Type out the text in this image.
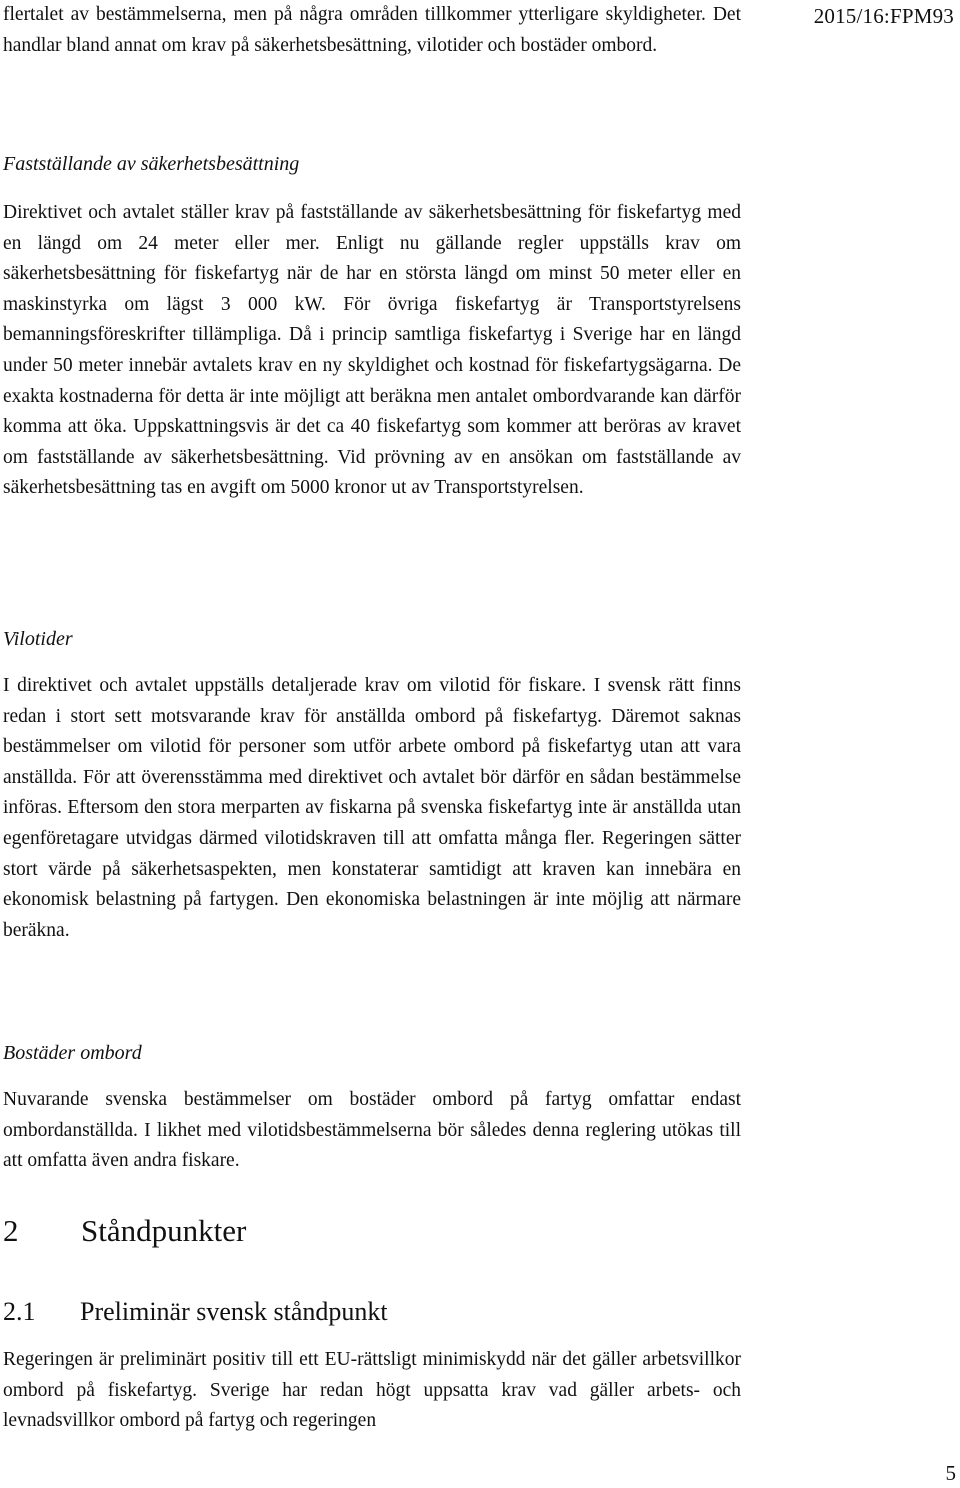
2015/16:FPM93

flertalet av bestämmelserna, men på några områden tillkommer ytterligare skyldigheter. Det handlar bland annat om krav på säkerhetsbesättning, vilotider och bostäder ombord.

Fastställande av säkerhetsbesättning

Direktivet och avtalet ställer krav på fastställande av säkerhetsbesättning för fiskefartyg med en längd om 24 meter eller mer. Enligt nu gällande regler uppställs krav om säkerhetsbesättning för fiskefartyg när de har en största längd om minst 50 meter eller en maskinstyrka om lägst 3 000 kW. För övriga fiskefartyg är Transportstyrelsens bemanningsföreskrifter tillämpliga. Då i princip samtliga fiskefartyg i Sverige har en längd under 50 meter innebär avtalets krav en ny skyldighet och kostnad för fiskefartygsägarna. De exakta kostnaderna för detta är inte möjligt att beräkna men antalet ombordvarande kan därför komma att öka. Uppskattningsvis är det ca 40 fiskefartyg som kommer att beröras av kravet om fastställande av säkerhetsbesättning. Vid prövning av en ansökan om fastställande av säkerhetsbesättning tas en avgift om 5000 kronor ut av Transportstyrelsen.

Vilotider

I direktivet och avtalet uppställs detaljerade krav om vilotid för fiskare. I svensk rätt finns redan i stort sett motsvarande krav för anställda ombord på fiskefartyg. Däremot saknas bestämmelser om vilotid för personer som utför arbete ombord på fiskefartyg utan att vara anställda. För att överensstämma med direktivet och avtalet bör därför en sådan bestämmelse införas. Eftersom den stora merparten av fiskarna på svenska fiskefartyg inte är anställda utan egenföretagare utvidgas därmed vilotidskraven till att omfatta många fler. Regeringen sätter stort värde på säkerhetsaspekten, men konstaterar samtidigt att kraven kan innebära en ekonomisk belastning på fartygen. Den ekonomiska belastningen är inte möjlig att närmare beräkna.

Bostäder ombord

Nuvarande svenska bestämmelser om bostäder ombord på fartyg omfattar endast ombordanställda. I likhet med vilotidsbestämmelserna bör således denna reglering utökas till att omfatta även andra fiskare.

2 Ståndpunkter
2.1 Preliminär svensk ståndpunkt

Regeringen är preliminärt positiv till ett EU-rättsligt minimiskydd när det gäller arbetsvillkor ombord på fiskefartyg. Sverige har redan högt uppsatta krav vad gäller arbets- och levnadsvillkor ombord på fartyg och regeringen

5
